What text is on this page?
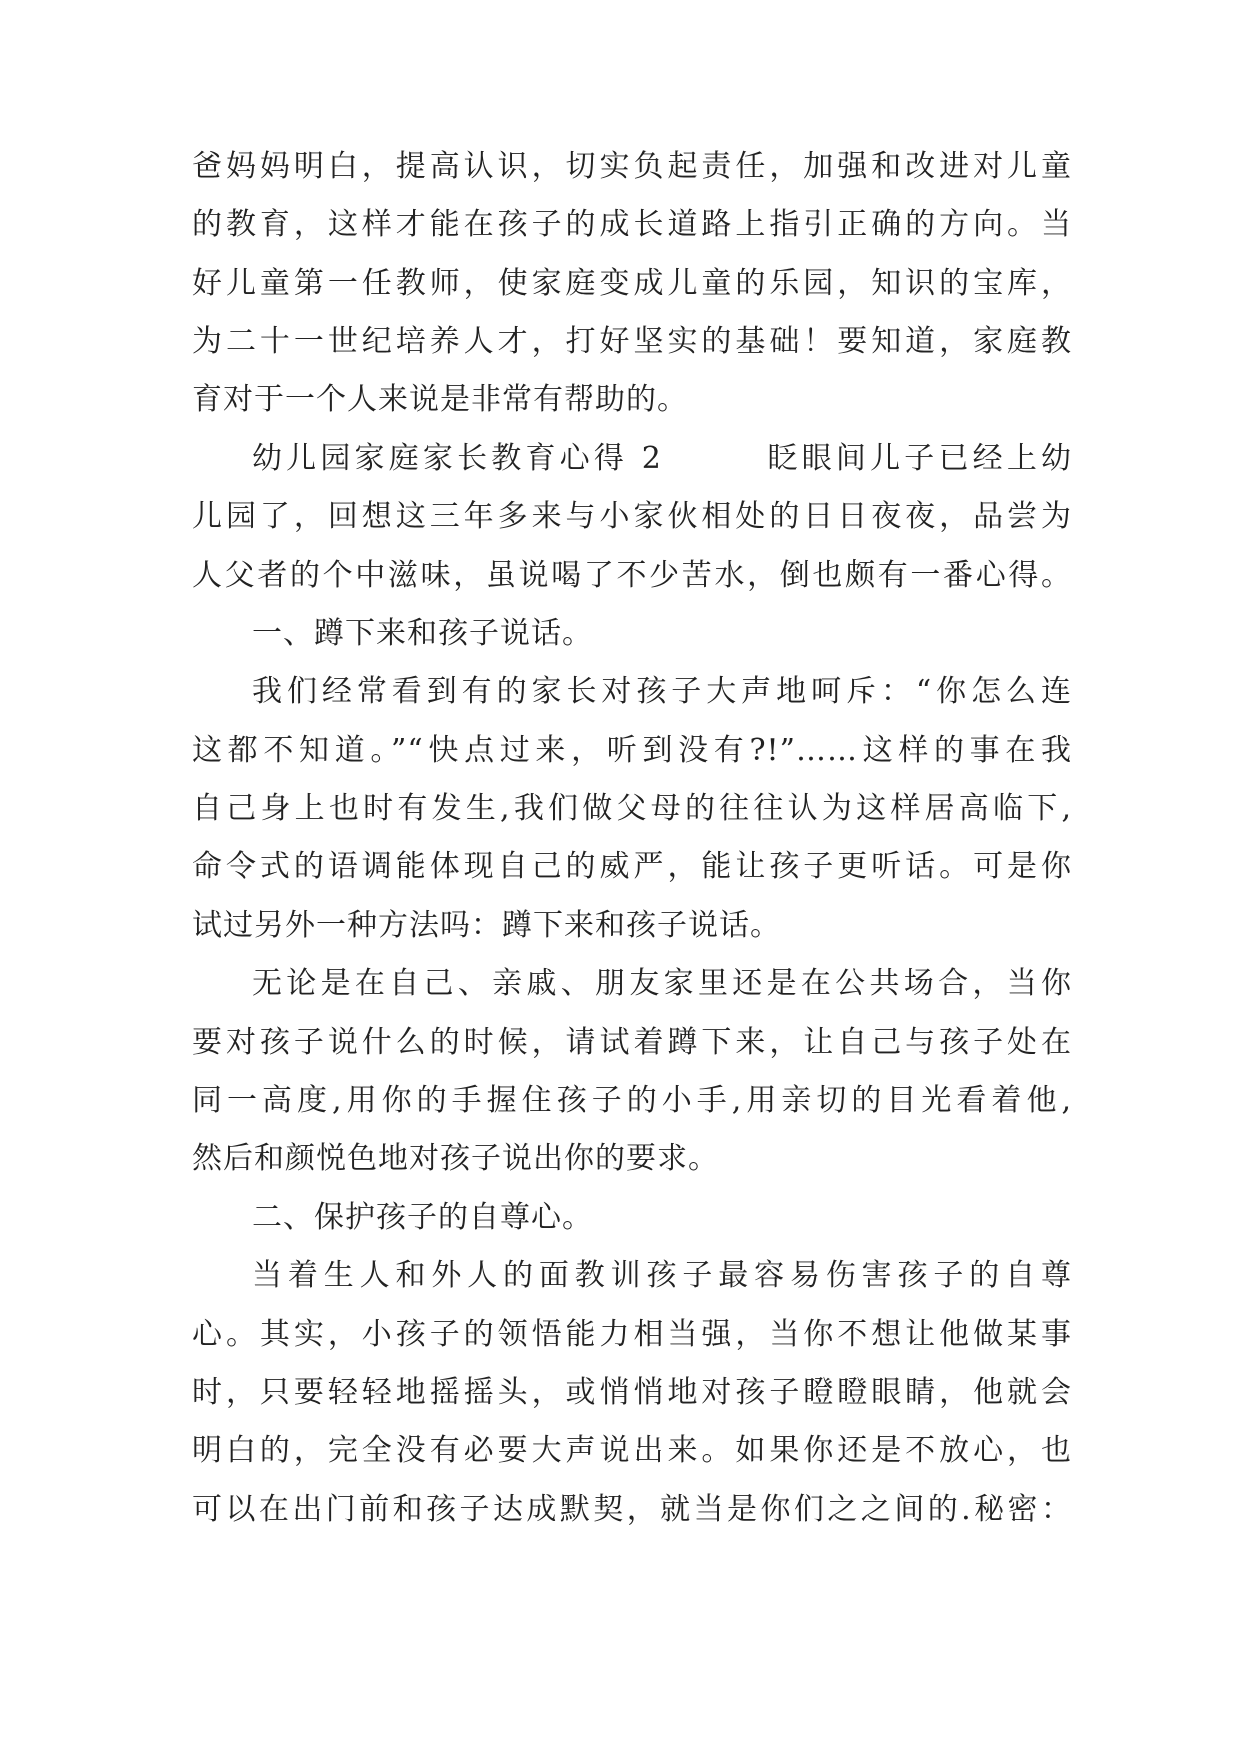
爸妈妈明白，提高认识，切实负起责任，加强和改进对儿童
的教育，这样才能在孩子的成长道路上指引正确的方向。当
好儿童第一任教师，使家庭变成儿童的乐园，知识的宝库，
为二十一世纪培养人才，打好坚实的基础！要知道，家庭教
育对于一个人来说是非常有帮助的。
幼儿园家庭家长教育心得 2　　　眨眼间儿子已经上幼
儿园了，回想这三年多来与小家伙相处的日日夜夜，品尝为
人父者的个中滋味，虽说喝了不少苦水，倒也颇有一番心得。
一、蹲下来和孩子说话。
我们经常看到有的家长对孩子大声地呵斥：“你怎么连
这都不知道。”“快点过来，听到没有?!”……这样的事在我
自己身上也时有发生,我们做父母的往往认为这样居高临下,
命令式的语调能体现自己的威严，能让孩子更听话。可是你
试过另外一种方法吗：蹲下来和孩子说话。
无论是在自己、亲戚、朋友家里还是在公共场合，当你
要对孩子说什么的时候，请试着蹲下来，让自己与孩子处在
同一高度,用你的手握住孩子的小手,用亲切的目光看着他,
然后和颜悦色地对孩子说出你的要求。
二、保护孩子的自尊心。
当着生人和外人的面教训孩子最容易伤害孩子的自尊
心。其实，小孩子的领悟能力相当强，当你不想让他做某事
时，只要轻轻地摇摇头，或悄悄地对孩子瞪瞪眼睛，他就会
明白的，完全没有必要大声说出来。如果你还是不放心，也
可以在出门前和孩子达成默契，就当是你们之之间的.秘密：
